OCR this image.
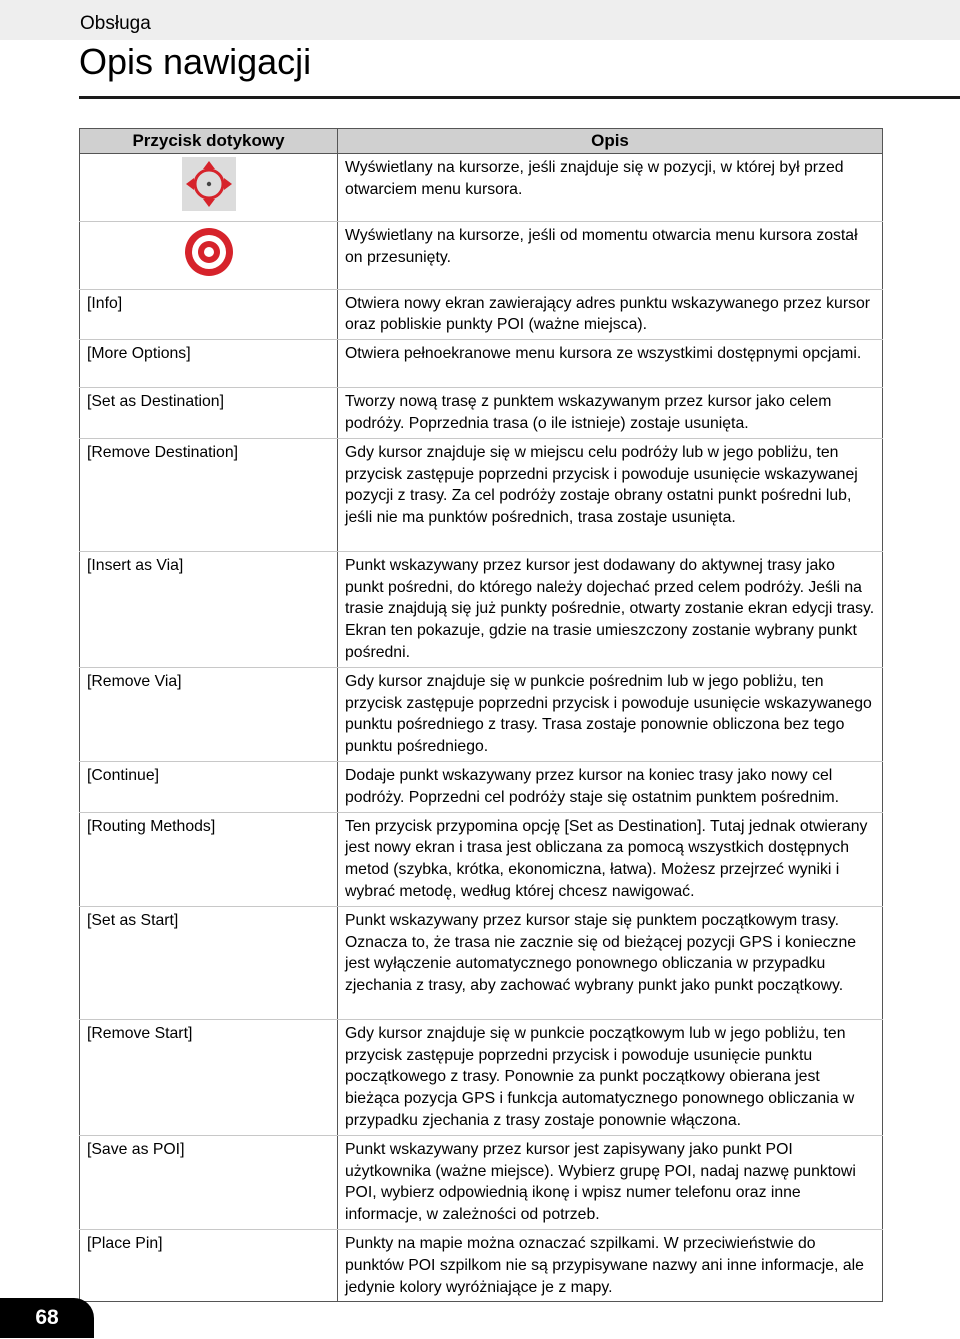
Obsługa
Opis nawigacji
Przycisk dotykowy	Opis
	Wyświetlany na kursorze, jeśli znajduje się w pozycji, w której był przed otwarciem menu kursora.
	Wyświetlany na kursorze, jeśli od momentu otwarcia menu kursora został on przesunięty.
[Info]	Otwiera nowy ekran zawierający adres punktu wskazywanego przez kursor oraz pobliskie punkty POI (ważne miejsca).
[More Options]	Otwiera pełnoekranowe menu kursora ze wszystkimi dostępnymi opcjami.
[Set as Destination]	Tworzy nową trasę z punktem wskazywanym przez kursor jako celem podróży. Poprzednia trasa (o ile istnieje) zostaje usunięta.
[Remove Destination]	Gdy kursor znajduje się w miejscu celu podróży lub w jego pobliżu, ten przycisk zastępuje poprzedni przycisk i powoduje usunięcie wskazywanej pozycji z trasy. Za cel podróży zostaje obrany ostatni punkt pośredni lub, jeśli nie ma punktów pośrednich, trasa zostaje usunięta.
[Insert as Via]	Punkt wskazywany przez kursor jest dodawany do aktywnej trasy jako punkt pośredni, do którego należy dojechać przed celem podróży. Jeśli na trasie znajdują się już punkty pośrednie, otwarty zostanie ekran edycji trasy. Ekran ten pokazuje, gdzie na trasie umieszczony zostanie wybrany punkt pośredni.
[Remove Via]	Gdy kursor znajduje się w punkcie pośrednim lub w jego pobliżu, ten przycisk zastępuje poprzedni przycisk i powoduje usunięcie wskazywanego punktu pośredniego z trasy. Trasa zostaje ponownie obliczona bez tego punktu pośredniego.
[Continue]	Dodaje punkt wskazywany przez kursor na koniec trasy jako nowy cel podróży. Poprzedni cel podróży staje się ostatnim punktem pośrednim.
[Routing Methods]	Ten przycisk przypomina opcję [Set as Destination]. Tutaj jednak otwierany jest nowy ekran i trasa jest obliczana za pomocą wszystkich dostępnych metod (szybka, krótka, ekonomiczna, łatwa). Możesz przejrzeć wyniki i wybrać metodę, według której chcesz nawigować.
[Set as Start]	Punkt wskazywany przez kursor staje się punktem początkowym trasy. Oznacza to, że trasa nie zacznie się od bieżącej pozycji GPS i konieczne jest wyłączenie automatycznego ponownego obliczania w przypadku zjechania z trasy, aby zachować wybrany punkt jako punkt początkowy.
[Remove Start]	Gdy kursor znajduje się w punkcie początkowym lub w jego pobliżu, ten przycisk zastępuje poprzedni przycisk i powoduje usunięcie punktu początkowego z trasy. Ponownie za punkt początkowy obierana jest bieżąca pozycja GPS i funkcja automatycznego ponownego obliczania w przypadku zjechania z trasy zostaje ponownie włączona.
[Save as POI]	Punkt wskazywany przez kursor jest zapisywany jako punkt POI użytkownika (ważne miejsce). Wybierz grupę POI, nadaj nazwę punktowi POI, wybierz odpowiednią ikonę i wpisz numer telefonu oraz inne informacje, w zależności od potrzeb.
[Place Pin]	Punkty na mapie można oznaczać szpilkami. W przeciwieństwie do punktów POI szpilkom nie są przypisywane nazwy ani inne informacje, ale jedynie kolory wyróżniające je z mapy.
68
